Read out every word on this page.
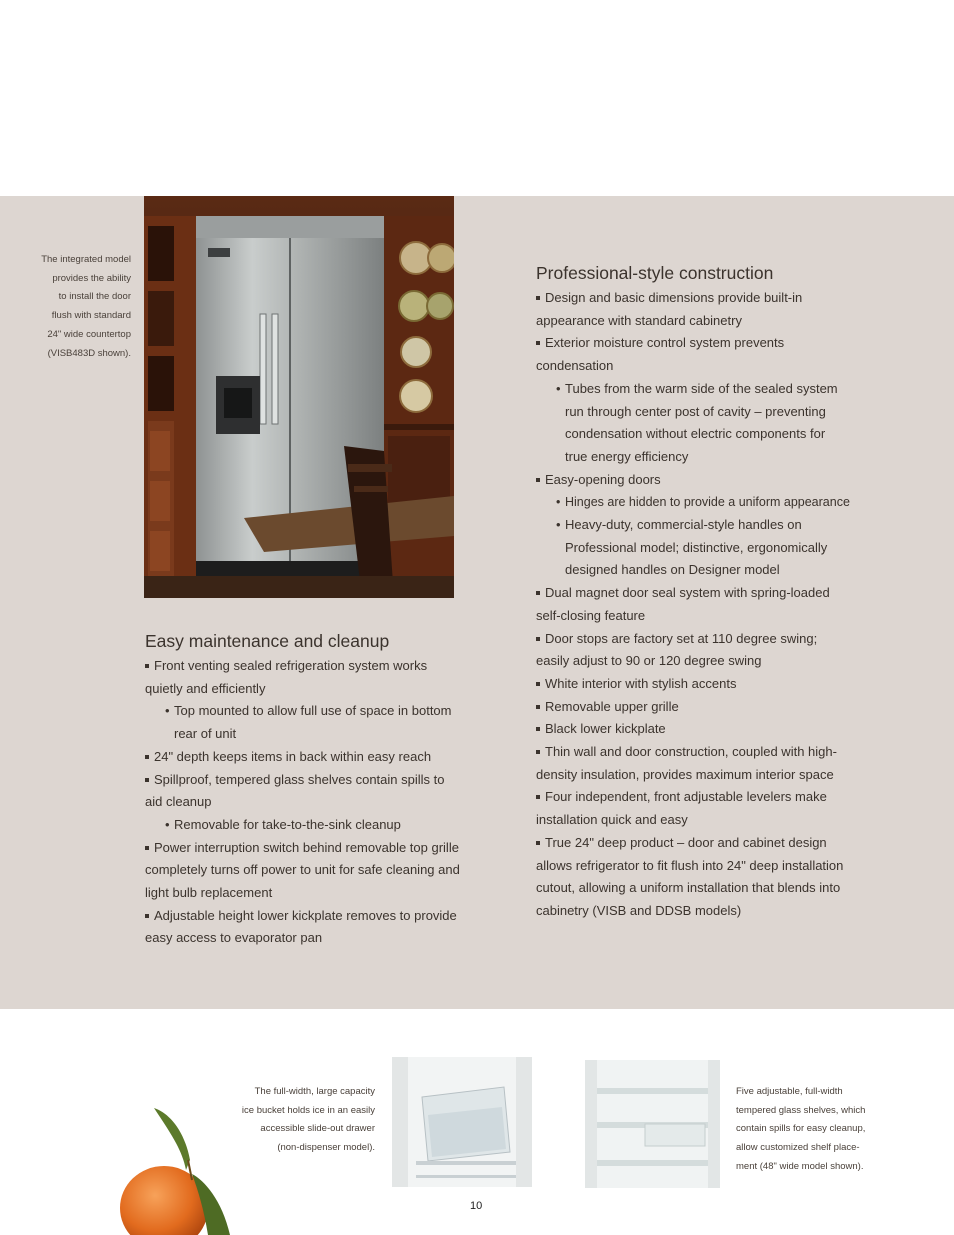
The integrated model
provides the ability
to install the door
flush with standard
24" wide countertop
(VISB483D shown).
Easy maintenance and cleanup
Front venting sealed refrigeration system works
quietly and efficiently
• Top mounted to allow full use of space in bottom
rear of unit
24" depth keeps items in back within easy reach
Spillproof, tempered glass shelves contain spills to
aid cleanup
• Removable for take-to-the-sink cleanup
Power interruption switch behind removable top grille
completely turns off power to unit for safe cleaning and
light bulb replacement
Adjustable height lower kickplate removes to provide
easy access to evaporator pan
Professional-style construction
Design and basic dimensions provide built-in
appearance with standard cabinetry
Exterior moisture control system prevents
condensation
• Tubes from the warm side of the sealed system
run through center post of cavity – preventing
condensation without electric components for
true energy efficiency
Easy-opening doors
• Hinges are hidden to provide a uniform appearance
• Heavy-duty, commercial-style handles on
Professional model; distinctive, ergonomically
designed handles on Designer model
Dual magnet door seal system with spring-loaded
self-closing feature
Door stops are factory set at 110 degree swing;
easily adjust to 90 or 120 degree swing
White interior with stylish accents
Removable upper grille
Black lower kickplate
Thin wall and door construction, coupled with high-
density insulation, provides maximum interior space
Four independent, front adjustable levelers make
installation quick and easy
True 24" deep product – door and cabinet design
allows refrigerator to fit flush into 24" deep installation
cutout, allowing a uniform installation that blends into
cabinetry (VISB and DDSB models)
The full-width, large capacity
ice bucket holds ice in an easily
accessible slide-out drawer
(non-dispenser model).
Five adjustable, full-width
tempered glass shelves, which
contain spills for easy cleanup,
allow customized shelf place-
ment (48" wide model shown).
10
